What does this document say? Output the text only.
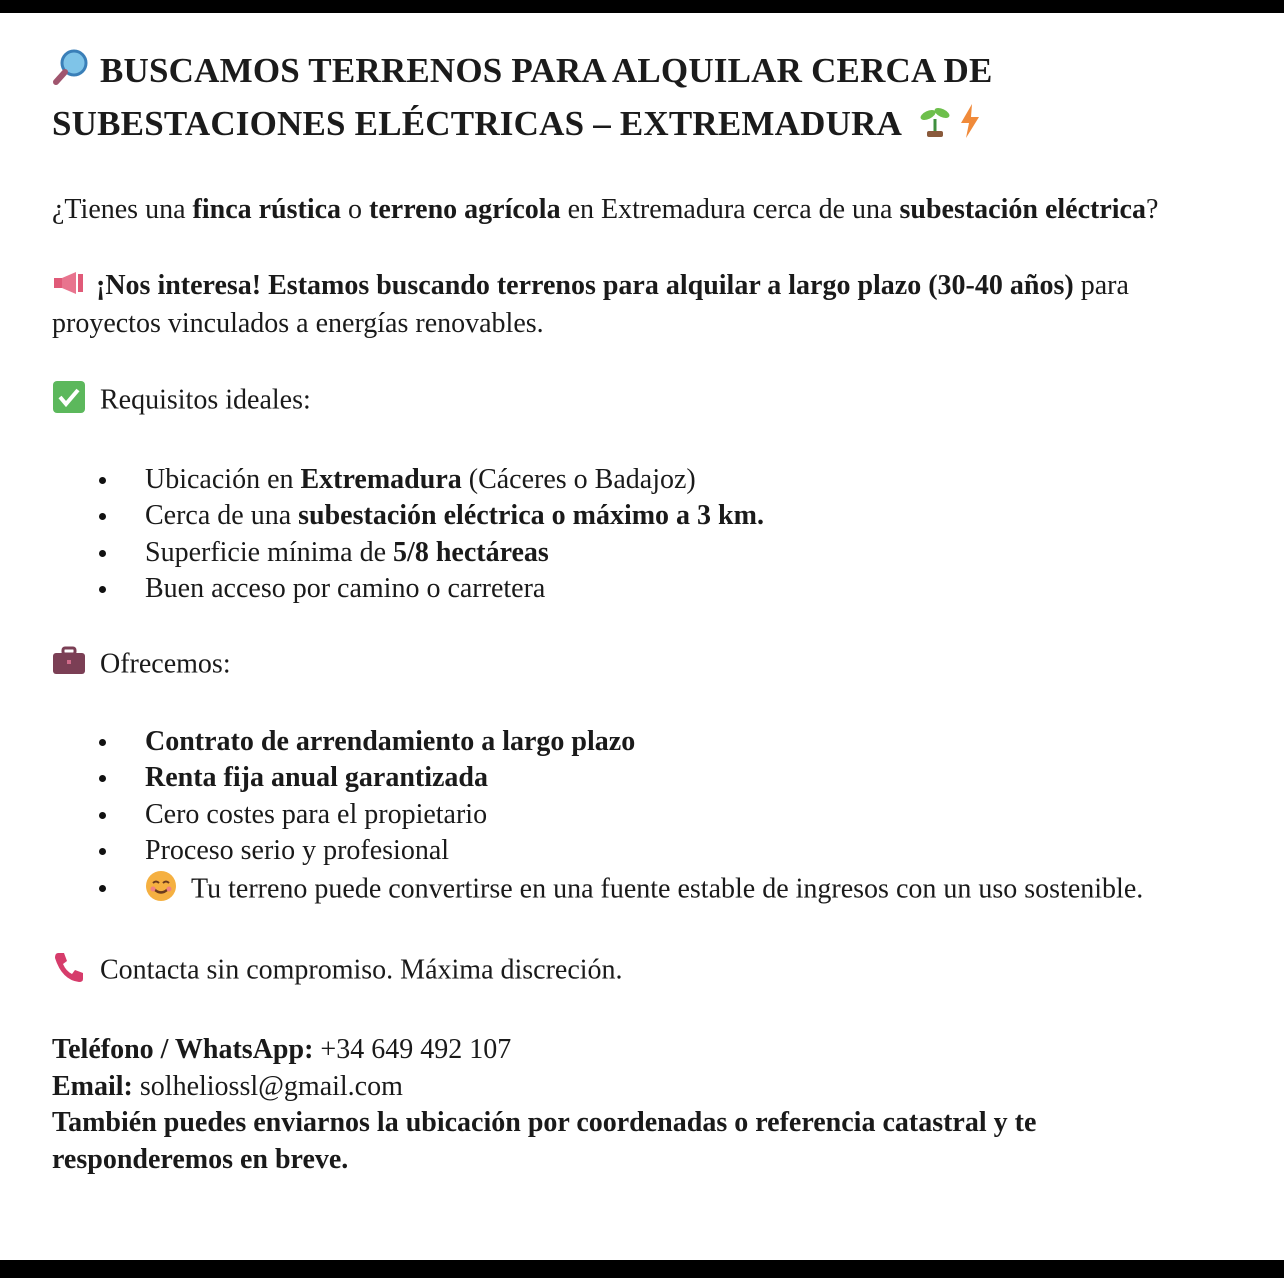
BUSCAMOS TERRENOS PARA ALQUILAR CERCA DE SUBESTACIONES ELÉCTRICAS – EXTREMADURA

¿Tienes una finca rústica o terreno agrícola en Extremadura cerca de una subestación eléctrica?

¡Nos interesa! Estamos buscando terrenos para alquilar a largo plazo (30-40 años) para proyectos vinculados a energías renovables.

Requisitos ideales:

Ubicación en Extremadura (Cáceres o Badajoz)
Cerca de una subestación eléctrica o máximo a 3 km.
Superficie mínima de 5/8 hectáreas
Buen acceso por camino o carretera

Ofrecemos:

Contrato de arrendamiento a largo plazo
Renta fija anual garantizada
Cero costes para el propietario
Proceso serio y profesional
Tu terreno puede convertirse en una fuente estable de ingresos con un uso sostenible.

Contacta sin compromiso. Máxima discreción.

Teléfono / WhatsApp: +34 649 492 107

Email: solheliossl@gmail.com

También puedes enviarnos la ubicación por coordenadas o referencia catastral y te responderemos en breve.
